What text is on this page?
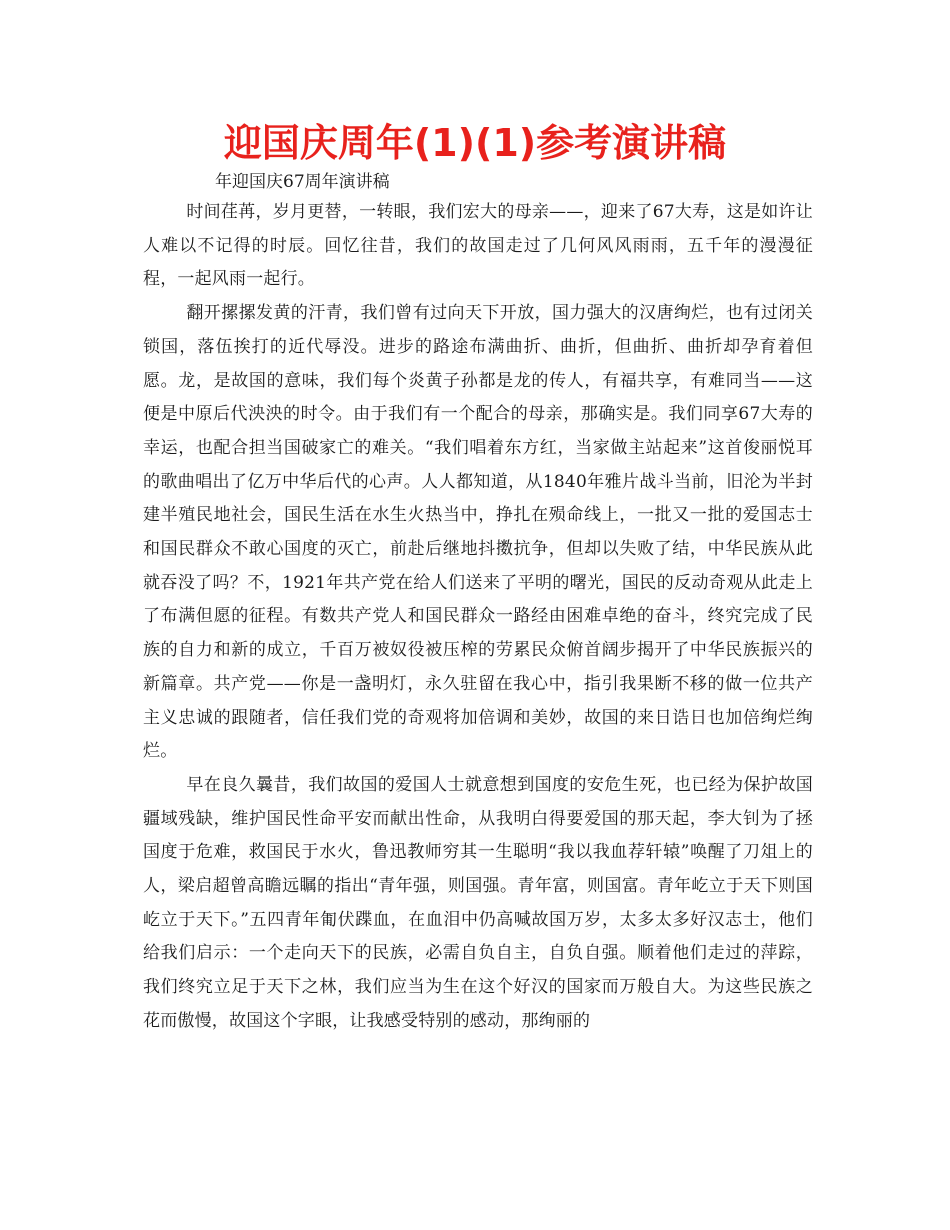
迎国庆周年(1)(1)参考演讲稿

年迎国庆67周年演讲稿

时间荏苒，岁月更替，一转眼，我们宏大的母亲——，迎来了67大寿，这是如许让人难以不记得的时辰。回忆往昔，我们的故国走过了几何风风雨雨，五千年的漫漫征程，一起风雨一起行。

翻开摞摞发黄的汗青，我们曾有过向天下开放，国力强大的汉唐绚烂，也有过闭关锁国，落伍挨打的近代辱没。进步的路途布满曲折、曲折，但曲折、曲折却孕育着但愿。龙，是故国的意味，我们每个炎黄子孙都是龙的传人，有福共享，有难同当——这便是中原后代泱泱的时令。由于我们有一个配合的母亲，那确实是。我们同享67大寿的幸运，也配合担当国破家亡的难关。“我们唱着东方红，当家做主站起来”这首俊丽悦耳的歌曲唱出了亿万中华后代的心声。人人都知道，从1840年雅片战斗当前，旧沦为半封建半殖民地社会，国民生活在水生火热当中，挣扎在殒命线上，一批又一批的爱国志士和国民群众不敢心国度的灭亡，前赴后继地抖擞抗争，但却以失败了结，中华民族从此就吞没了吗？不，1921年共产党在给人们送来了平明的曙光，国民的反动奇观从此走上了布满但愿的征程。有数共产党人和国民群众一路经由困难卓绝的奋斗，终究完成了民族的自力和新的成立，千百万被奴役被压榨的劳累民众俯首阔步揭开了中华民族振兴的新篇章。共产党——你是一盏明灯，永久驻留在我心中，指引我果断不移的做一位共产主义忠诚的跟随者，信任我们党的奇观将加倍调和美妙，故国的来日诰日也加倍绚烂绚烂。

早在良久曩昔，我们故国的爱国人士就意想到国度的安危生死，也已经为保护故国疆域残缺，维护国民性命平安而献出性命，从我明白得要爱国的那天起，李大钊为了拯国度于危难，救国民于水火，鲁迅教师穷其一生聪明“我以我血荐轩辕”唤醒了刀俎上的人，梁启超曾高瞻远瞩的指出“青年强，则国强。青年富，则国富。青年屹立于天下则国屹立于天下。”五四青年匍伏蹀血，在血泪中仍高喊故国万岁，太多太多好汉志士，他们给我们启示：一个走向天下的民族，必需自负自主，自负自强。顺着他们走过的萍踪，我们终究立足于天下之林，我们应当为生在这个好汉的国家而万般自大。为这些民族之花而傲慢，故国这个字眼，让我感受特别的感动，那绚丽的
